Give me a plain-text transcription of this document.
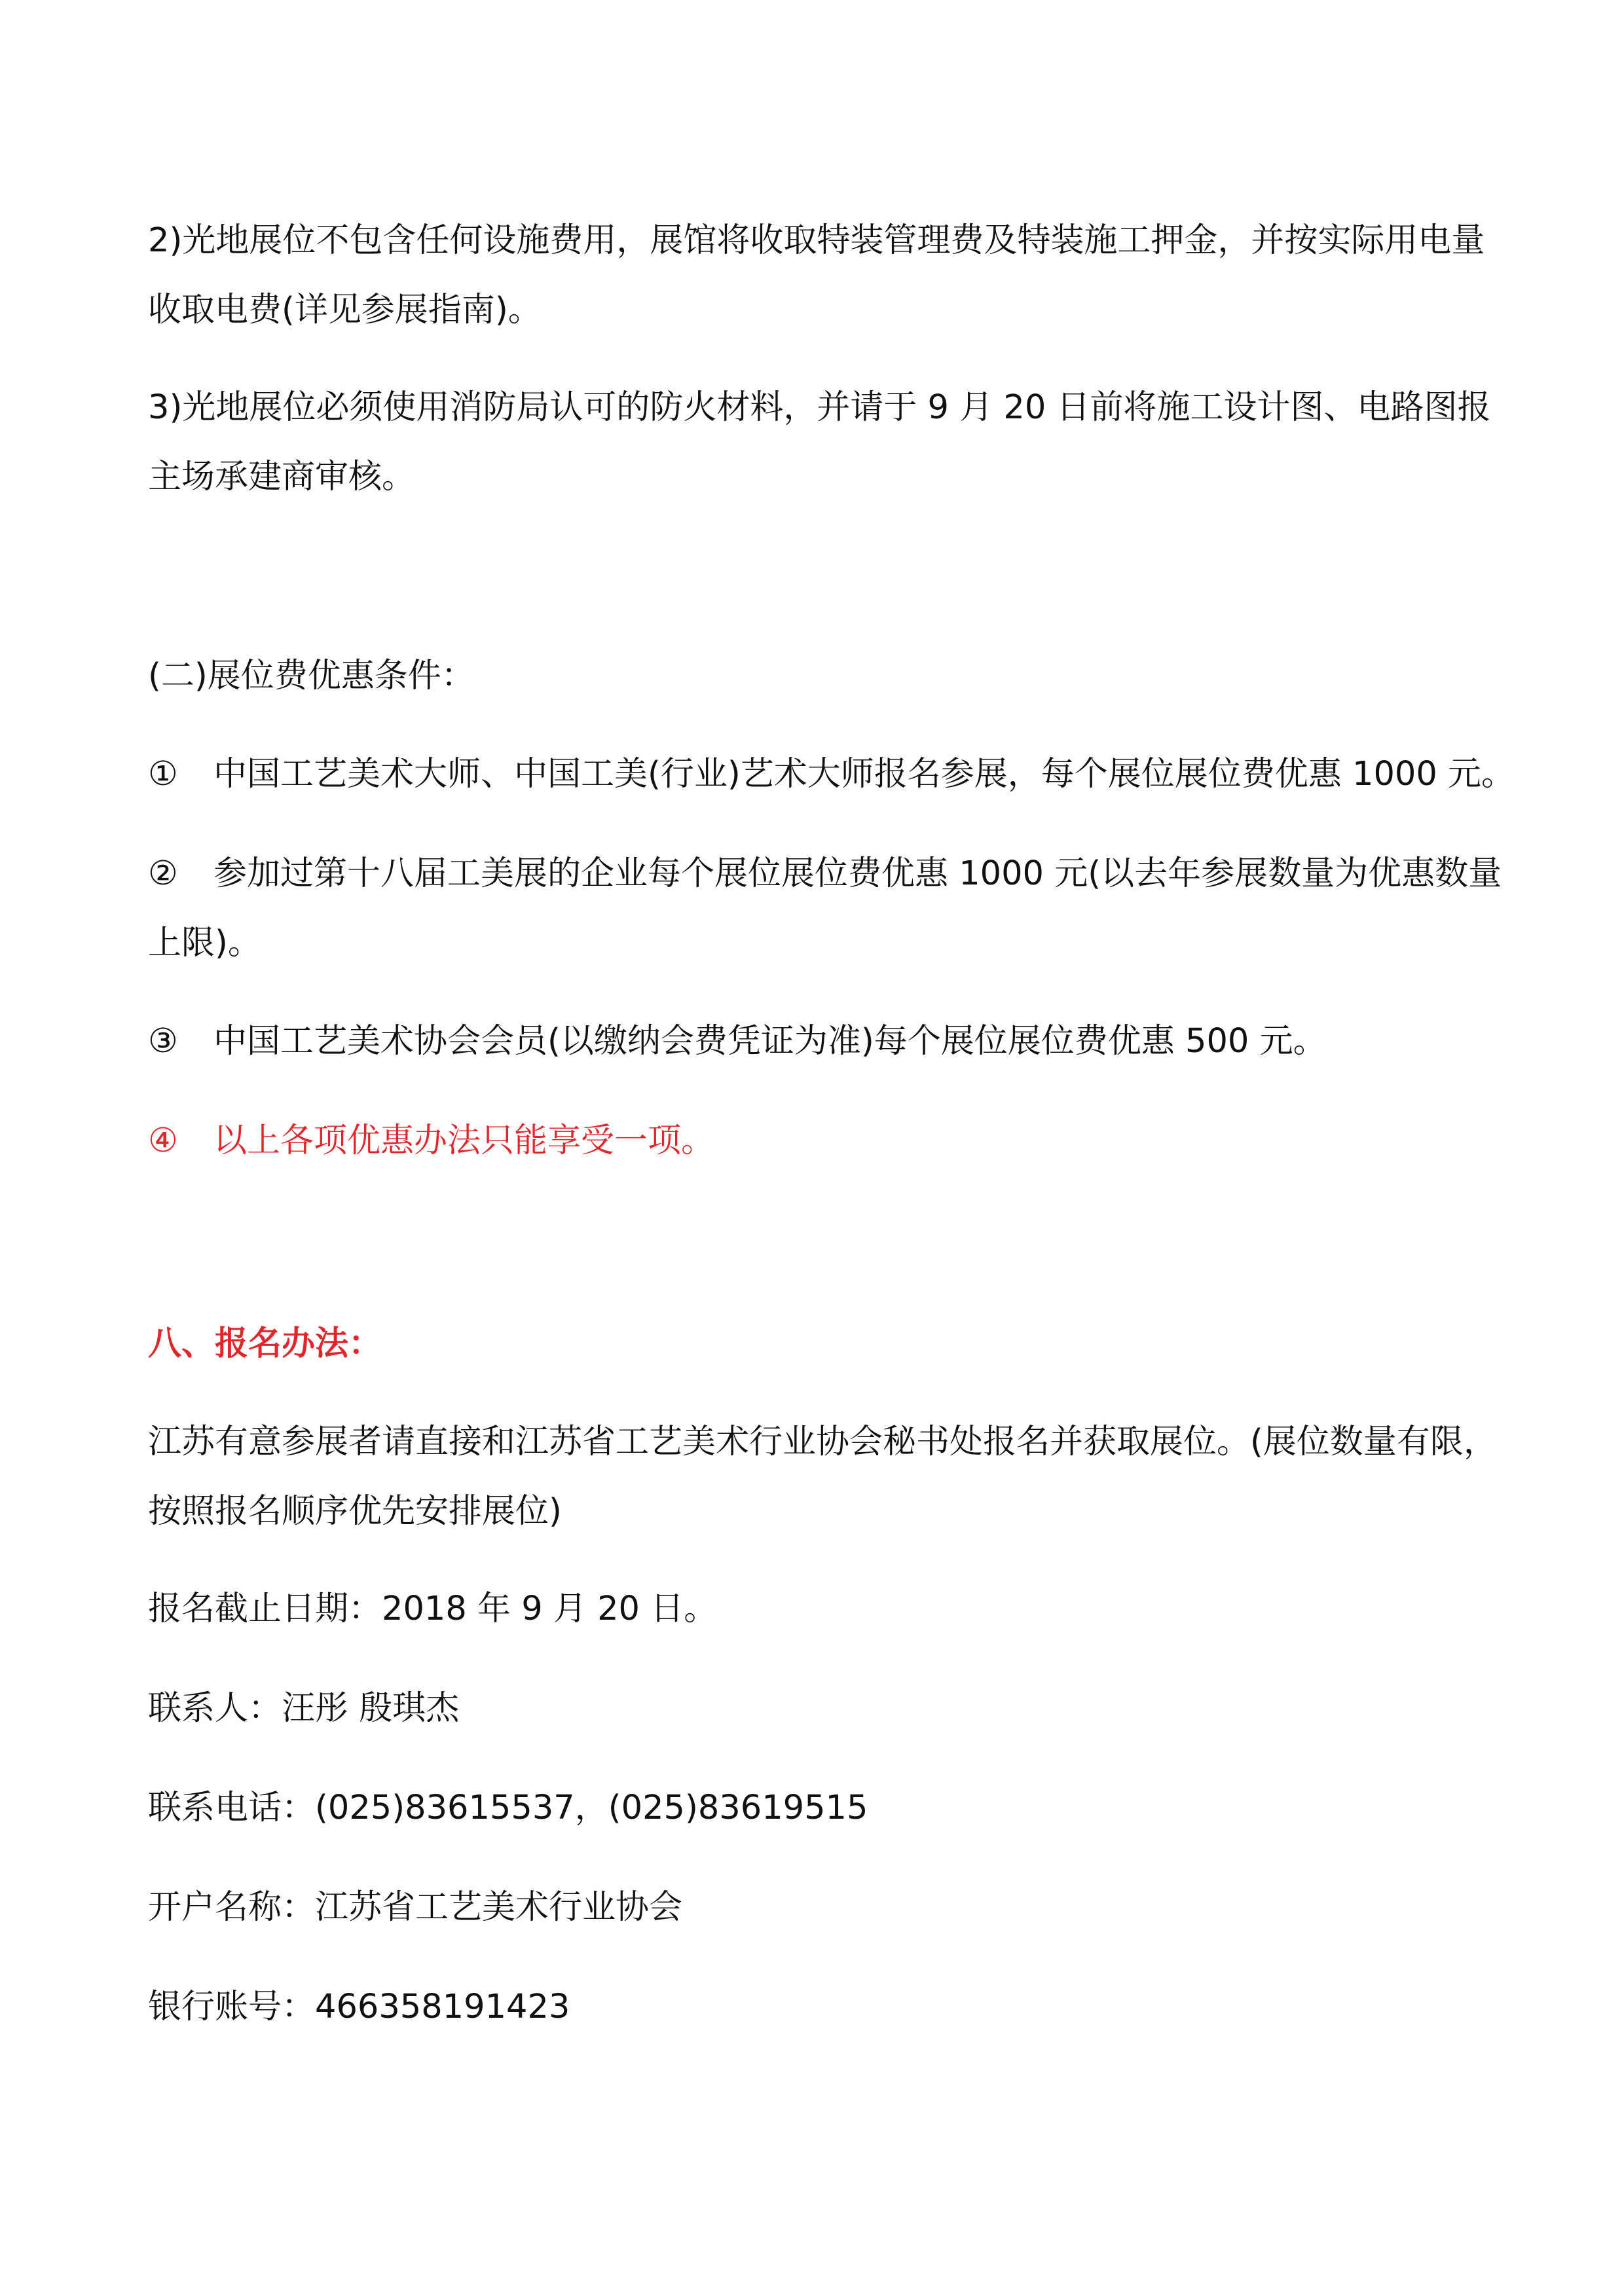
2)光地展位不包含任何设施费用，展馆将收取特装管理费及特装施工押金，并按实际用电量
收取电费(详见参展指南)。

3)光地展位必须使用消防局认可的防火材料，并请于 9 月 20 日前将施工设计图、电路图报
主场承建商审核。

(二)展位费优惠条件：

① 中国工艺美术大师、中国工美(行业)艺术大师报名参展，每个展位展位费优惠 1000 元。

② 参加过第十八届工美展的企业每个展位展位费优惠 1000 元(以去年参展数量为优惠数量
上限)。

③ 中国工艺美术协会会员(以缴纳会费凭证为准)每个展位展位费优惠 500 元。

④ 以上各项优惠办法只能享受一项。

八、报名办法：

江苏有意参展者请直接和江苏省工艺美术行业协会秘书处报名并获取展位。(展位数量有限，
按照报名顺序优先安排展位)

报名截止日期：2018 年 9 月 20 日。

联系人：汪彤 殷琪杰

联系电话：(025)83615537，(025)83619515

开户名称：江苏省工艺美术行业协会

银行账号：466358191423
